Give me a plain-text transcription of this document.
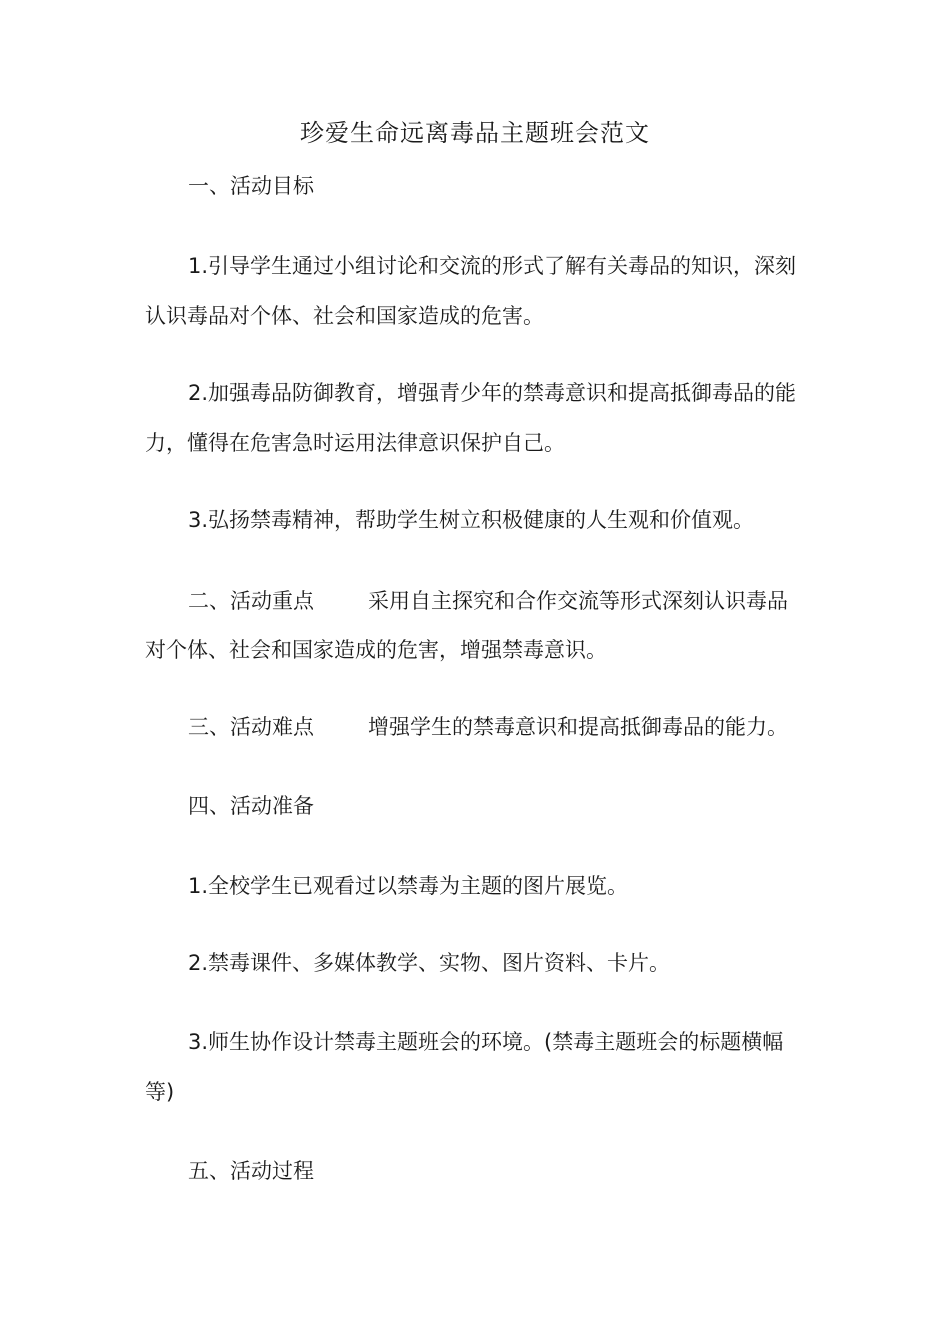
珍爱生命远离毒品主题班会范文
一、活动目标
1.引导学生通过小组讨论和交流的形式了解有关毒品的知识，深刻
认识毒品对个体、社会和国家造成的危害。
2.加强毒品防御教育，增强青少年的禁毒意识和提高抵御毒品的能
力，懂得在危害急时运用法律意识保护自己。
3.弘扬禁毒精神，帮助学生树立积极健康的人生观和价值观。
二、活动重点	采用自主探究和合作交流等形式深刻认识毒品
对个体、社会和国家造成的危害，增强禁毒意识。
三、活动难点	增强学生的禁毒意识和提高抵御毒品的能力。
四、活动准备
1.全校学生已观看过以禁毒为主题的图片展览。
2.禁毒课件、多媒体教学、实物、图片资料、卡片。
3.师生协作设计禁毒主题班会的环境。(禁毒主题班会的标题横幅
等)
五、活动过程
